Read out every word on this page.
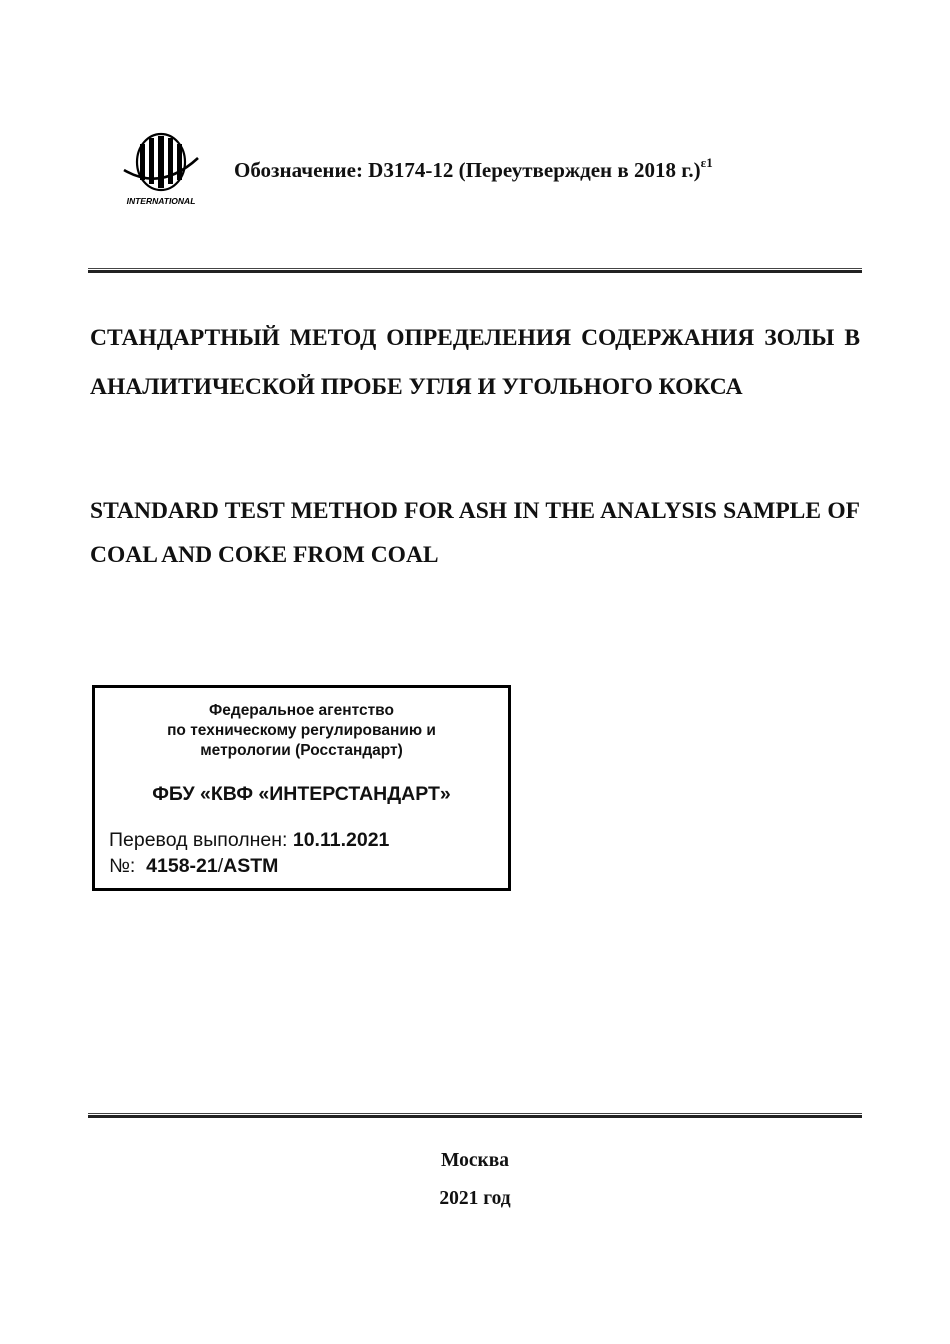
INTERNATIONAL
Обозначение: D3174-12 (Переутвержден в 2018 г.)$^{\varepsilon 1}$
СТАНДАРТНЫЙ МЕТОД ОПРЕДЕЛЕНИЯ СОДЕРЖАНИЯ ЗОЛЫ В АНАЛИТИЧЕСКОЙ ПРОБЕ УГЛЯ И УГОЛЬНОГО КОКСА
STANDARD TEST METHOD FOR ASH IN THE ANALYSIS SAMPLE OF COAL AND COKE FROM COAL
Федеральное агентство
по техническому регулированию и
метрологии (Росстандарт)
ФБУ «КВФ «ИНТЕРСТАНДАРТ»
Перевод выполнен: 10.11.2021
№:  4158-21/ASTM
Москва
2021 год
